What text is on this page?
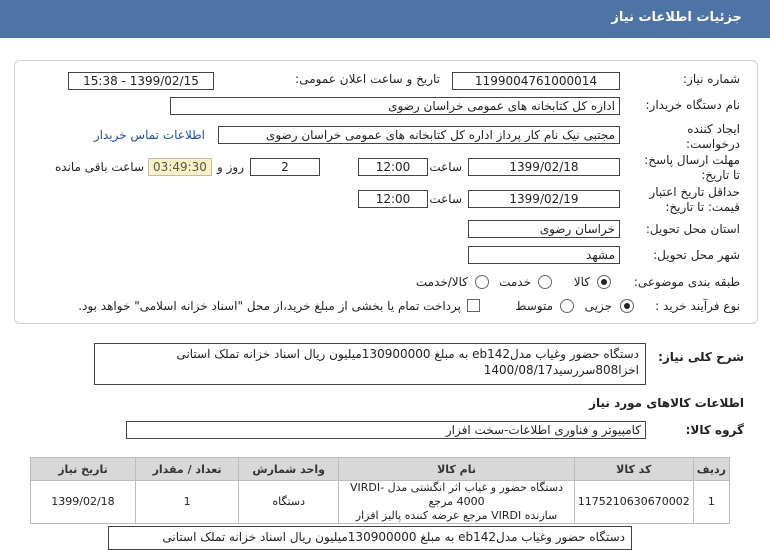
جزئیات اطلاعات نیاز
شماره نیاز:
1199004761000014
تاریخ و ساعت اعلان عمومی:
1399/02/15 - 15:38
نام دستگاه خریدار:
اداره کل کتابخانه های عمومی خراسان رضوی
ایجاد کننده
درخواست:
مجتبی نیک نام کار پرداز اداره کل کتابخانه های عمومی خراسان رضوی
اطلاعات تماس خریدار
مهلت ارسال پاسخ:
تا تاریخ:
1399/02/18
ساعت
12:00
2
روز و
03:49:30
ساعت باقی مانده
حداقل تاریخ اعتبار
قیمت: تا تاریخ:
1399/02/19
ساعت
12:00
استان محل تحویل:
خراسان رضوی
شهر محل تحویل:
مشهد
طبقه بندی موضوعی:
کالا
خدمت
کالا/خدمت
نوع فرآیند خرید :
جزیی
متوسط
پرداخت تمام یا بخشی از مبلغ خرید،از محل "اسناد خزانه اسلامی" خواهد بود.
شرح کلی نیاز:
دستگاه حضور وغیاب مدلeb142 به مبلغ 130900000میلیون ریال اسناد خزانه تملک استانی
اخزا808سررسید1400/08/17
اطلاعات کالاهای مورد نیاز
گروه کالا:
کامپیوتر و فناوری اطلاعات-سخت افزار
ردیف	کد کالا	نام کالا	واحد شمارش	تعداد / مقدار	تاریخ نیاز
1	1175210630670002	دستگاه حضور و غیاب اثر انگشتی مدل VIRDI-4000 مرجع
سازنده VIRDI مرجع عرضه کننده پالیز افزار	دستگاه	1	1399/02/18
دستگاه حضور وغیاب مدلeb142 به مبلغ 130900000میلیون ریال اسناد خزانه تملک استانی
